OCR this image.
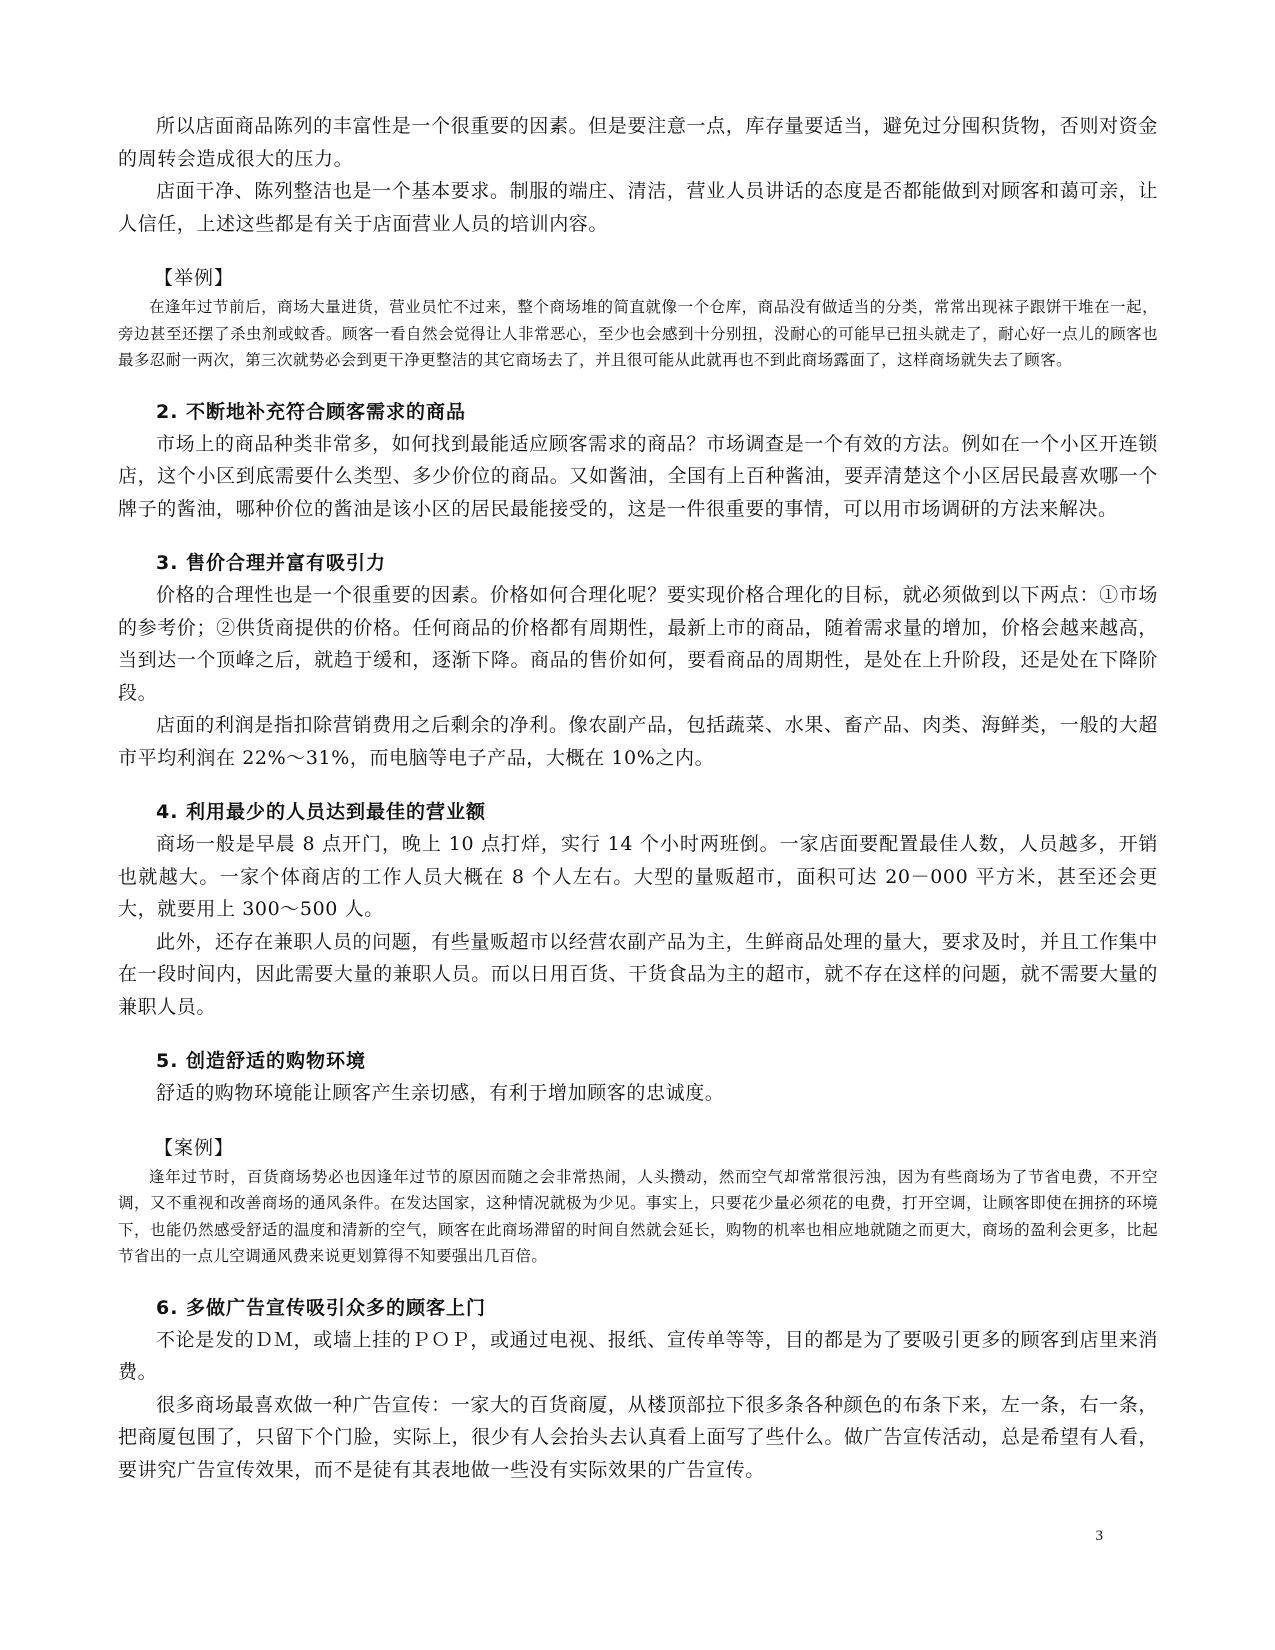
所以店面商品陈列的丰富性是一个很重要的因素。但是要注意一点，库存量要适当，避免过分囤积货物，否则对资金的周转会造成很大的压力。

店面干净、陈列整洁也是一个基本要求。制服的端庄、清洁，营业人员讲话的态度是否都能做到对顾客和蔼可亲，让人信任，上述这些都是有关于店面营业人员的培训内容。

【举例】

在逢年过节前后，商场大量进货，营业员忙不过来，整个商场堆的简直就像一个仓库，商品没有做适当的分类，常常出现袜子跟饼干堆在一起，旁边甚至还摆了杀虫剂或蚊香。顾客一看自然会觉得让人非常恶心，至少也会感到十分别扭，没耐心的可能早已扭头就走了，耐心好一点儿的顾客也最多忍耐一两次，第三次就势必会到更干净更整洁的其它商场去了，并且很可能从此就再也不到此商场露面了，这样商场就失去了顾客。

2. 不断地补充符合顾客需求的商品

市场上的商品种类非常多，如何找到最能适应顾客需求的商品？市场调查是一个有效的方法。例如在一个小区开连锁店，这个小区到底需要什么类型、多少价位的商品。又如酱油，全国有上百种酱油，要弄清楚这个小区居民最喜欢哪一个牌子的酱油，哪种价位的酱油是该小区的居民最能接受的，这是一件很重要的事情，可以用市场调研的方法来解决。

3. 售价合理并富有吸引力

价格的合理性也是一个很重要的因素。价格如何合理化呢？要实现价格合理化的目标，就必须做到以下两点：①市场的参考价；②供货商提供的价格。任何商品的价格都有周期性，最新上市的商品，随着需求量的增加，价格会越来越高，当到达一个顶峰之后，就趋于缓和，逐渐下降。商品的售价如何，要看商品的周期性，是处在上升阶段，还是处在下降阶段。

店面的利润是指扣除营销费用之后剩余的净利。像农副产品，包括蔬菜、水果、畜产品、肉类、海鲜类，一般的大超市平均利润在 22%～31%，而电脑等电子产品，大概在 10%之内。

4. 利用最少的人员达到最佳的营业额

商场一般是早晨 8 点开门，晚上 10 点打烊，实行 14 个小时两班倒。一家店面要配置最佳人数，人员越多，开销也就越大。一家个体商店的工作人员大概在 8 个人左右。大型的量贩超市，面积可达 20－000 平方米，甚至还会更大，就要用上 300～500 人。

此外，还存在兼职人员的问题，有些量贩超市以经营农副产品为主，生鲜商品处理的量大，要求及时，并且工作集中在一段时间内，因此需要大量的兼职人员。而以日用百货、干货食品为主的超市，就不存在这样的问题，就不需要大量的兼职人员。

5. 创造舒适的购物环境

舒适的购物环境能让顾客产生亲切感，有利于增加顾客的忠诚度。

【案例】

逢年过节时，百货商场势必也因逢年过节的原因而随之会非常热闹，人头攒动，然而空气却常常很污浊，因为有些商场为了节省电费，不开空调，又不重视和改善商场的通风条件。在发达国家，这种情况就极为少见。事实上，只要花少量必须花的电费，打开空调，让顾客即使在拥挤的环境下，也能仍然感受舒适的温度和清新的空气，顾客在此商场滞留的时间自然就会延长，购物的机率也相应地就随之而更大，商场的盈利会更多，比起节省出的一点儿空调通风费来说更划算得不知要强出几百倍。

6. 多做广告宣传吸引众多的顾客上门

不论是发的ＤＭ，或墙上挂的ＰＯＰ，或通过电视、报纸、宣传单等等，目的都是为了要吸引更多的顾客到店里来消费。

很多商场最喜欢做一种广告宣传：一家大的百货商厦，从楼顶部拉下很多条各种颜色的布条下来，左一条，右一条，把商厦包围了，只留下个门脸，实际上，很少有人会抬头去认真看上面写了些什么。做广告宣传活动，总是希望有人看，要讲究广告宣传效果，而不是徒有其表地做一些没有实际效果的广告宣传。

3
